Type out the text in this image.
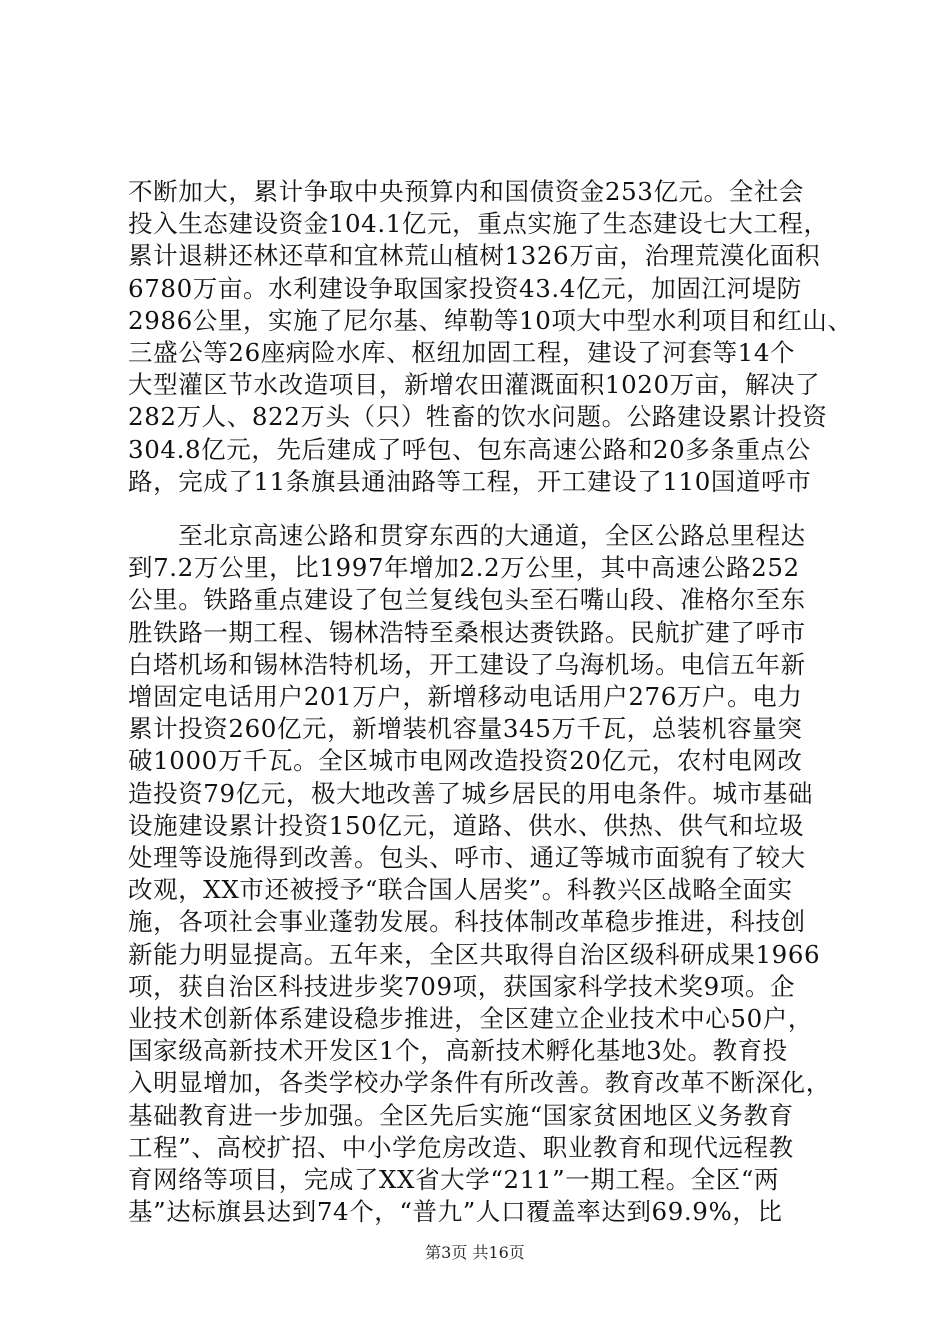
不断加大，累计争取中央预算内和国债资金253亿元。全社会
投入生态建设资金104.1亿元，重点实施了生态建设七大工程，
累计退耕还林还草和宜林荒山植树1326万亩，治理荒漠化面积
6780万亩。水利建设争取国家投资43.4亿元，加固江河堤防
2986公里，实施了尼尔基、绰勒等10项大中型水利项目和红山、
三盛公等26座病险水库、枢纽加固工程，建设了河套等14个
大型灌区节水改造项目，新增农田灌溉面积1020万亩，解决了
282万人、822万头（只）牲畜的饮水问题。公路建设累计投资
304.8亿元，先后建成了呼包、包东高速公路和20多条重点公
路，完成了11条旗县通油路等工程，开工建设了110国道呼市
　　至北京高速公路和贯穿东西的大通道，全区公路总里程达
到7.2万公里，比1997年增加2.2万公里，其中高速公路252
公里。铁路重点建设了包兰复线包头至石嘴山段、准格尔至东
胜铁路一期工程、锡林浩特至桑根达赉铁路。民航扩建了呼市
白塔机场和锡林浩特机场，开工建设了乌海机场。电信五年新
增固定电话用户201万户，新增移动电话用户276万户。电力
累计投资260亿元，新增装机容量345万千瓦，总装机容量突
破1000万千瓦。全区城市电网改造投资20亿元，农村电网改
造投资79亿元，极大地改善了城乡居民的用电条件。城市基础
设施建设累计投资150亿元，道路、供水、供热、供气和垃圾
处理等设施得到改善。包头、呼市、通辽等城市面貌有了较大
改观，XX市还被授予“联合国人居奖”。科教兴区战略全面实
施，各项社会事业蓬勃发展。科技体制改革稳步推进，科技创
新能力明显提高。五年来，全区共取得自治区级科研成果1966
项，获自治区科技进步奖709项，获国家科学技术奖9项。企
业技术创新体系建设稳步推进，全区建立企业技术中心50户，
国家级高新技术开发区1个，高新技术孵化基地3处。教育投
入明显增加，各类学校办学条件有所改善。教育改革不断深化，
基础教育进一步加强。全区先后实施“国家贫困地区义务教育
工程”、高校扩招、中小学危房改造、职业教育和现代远程教
育网络等项目，完成了XX省大学“211”一期工程。全区“两
基”达标旗县达到74个，“普九”人口覆盖率达到69.9%，比
第3页 共16页
